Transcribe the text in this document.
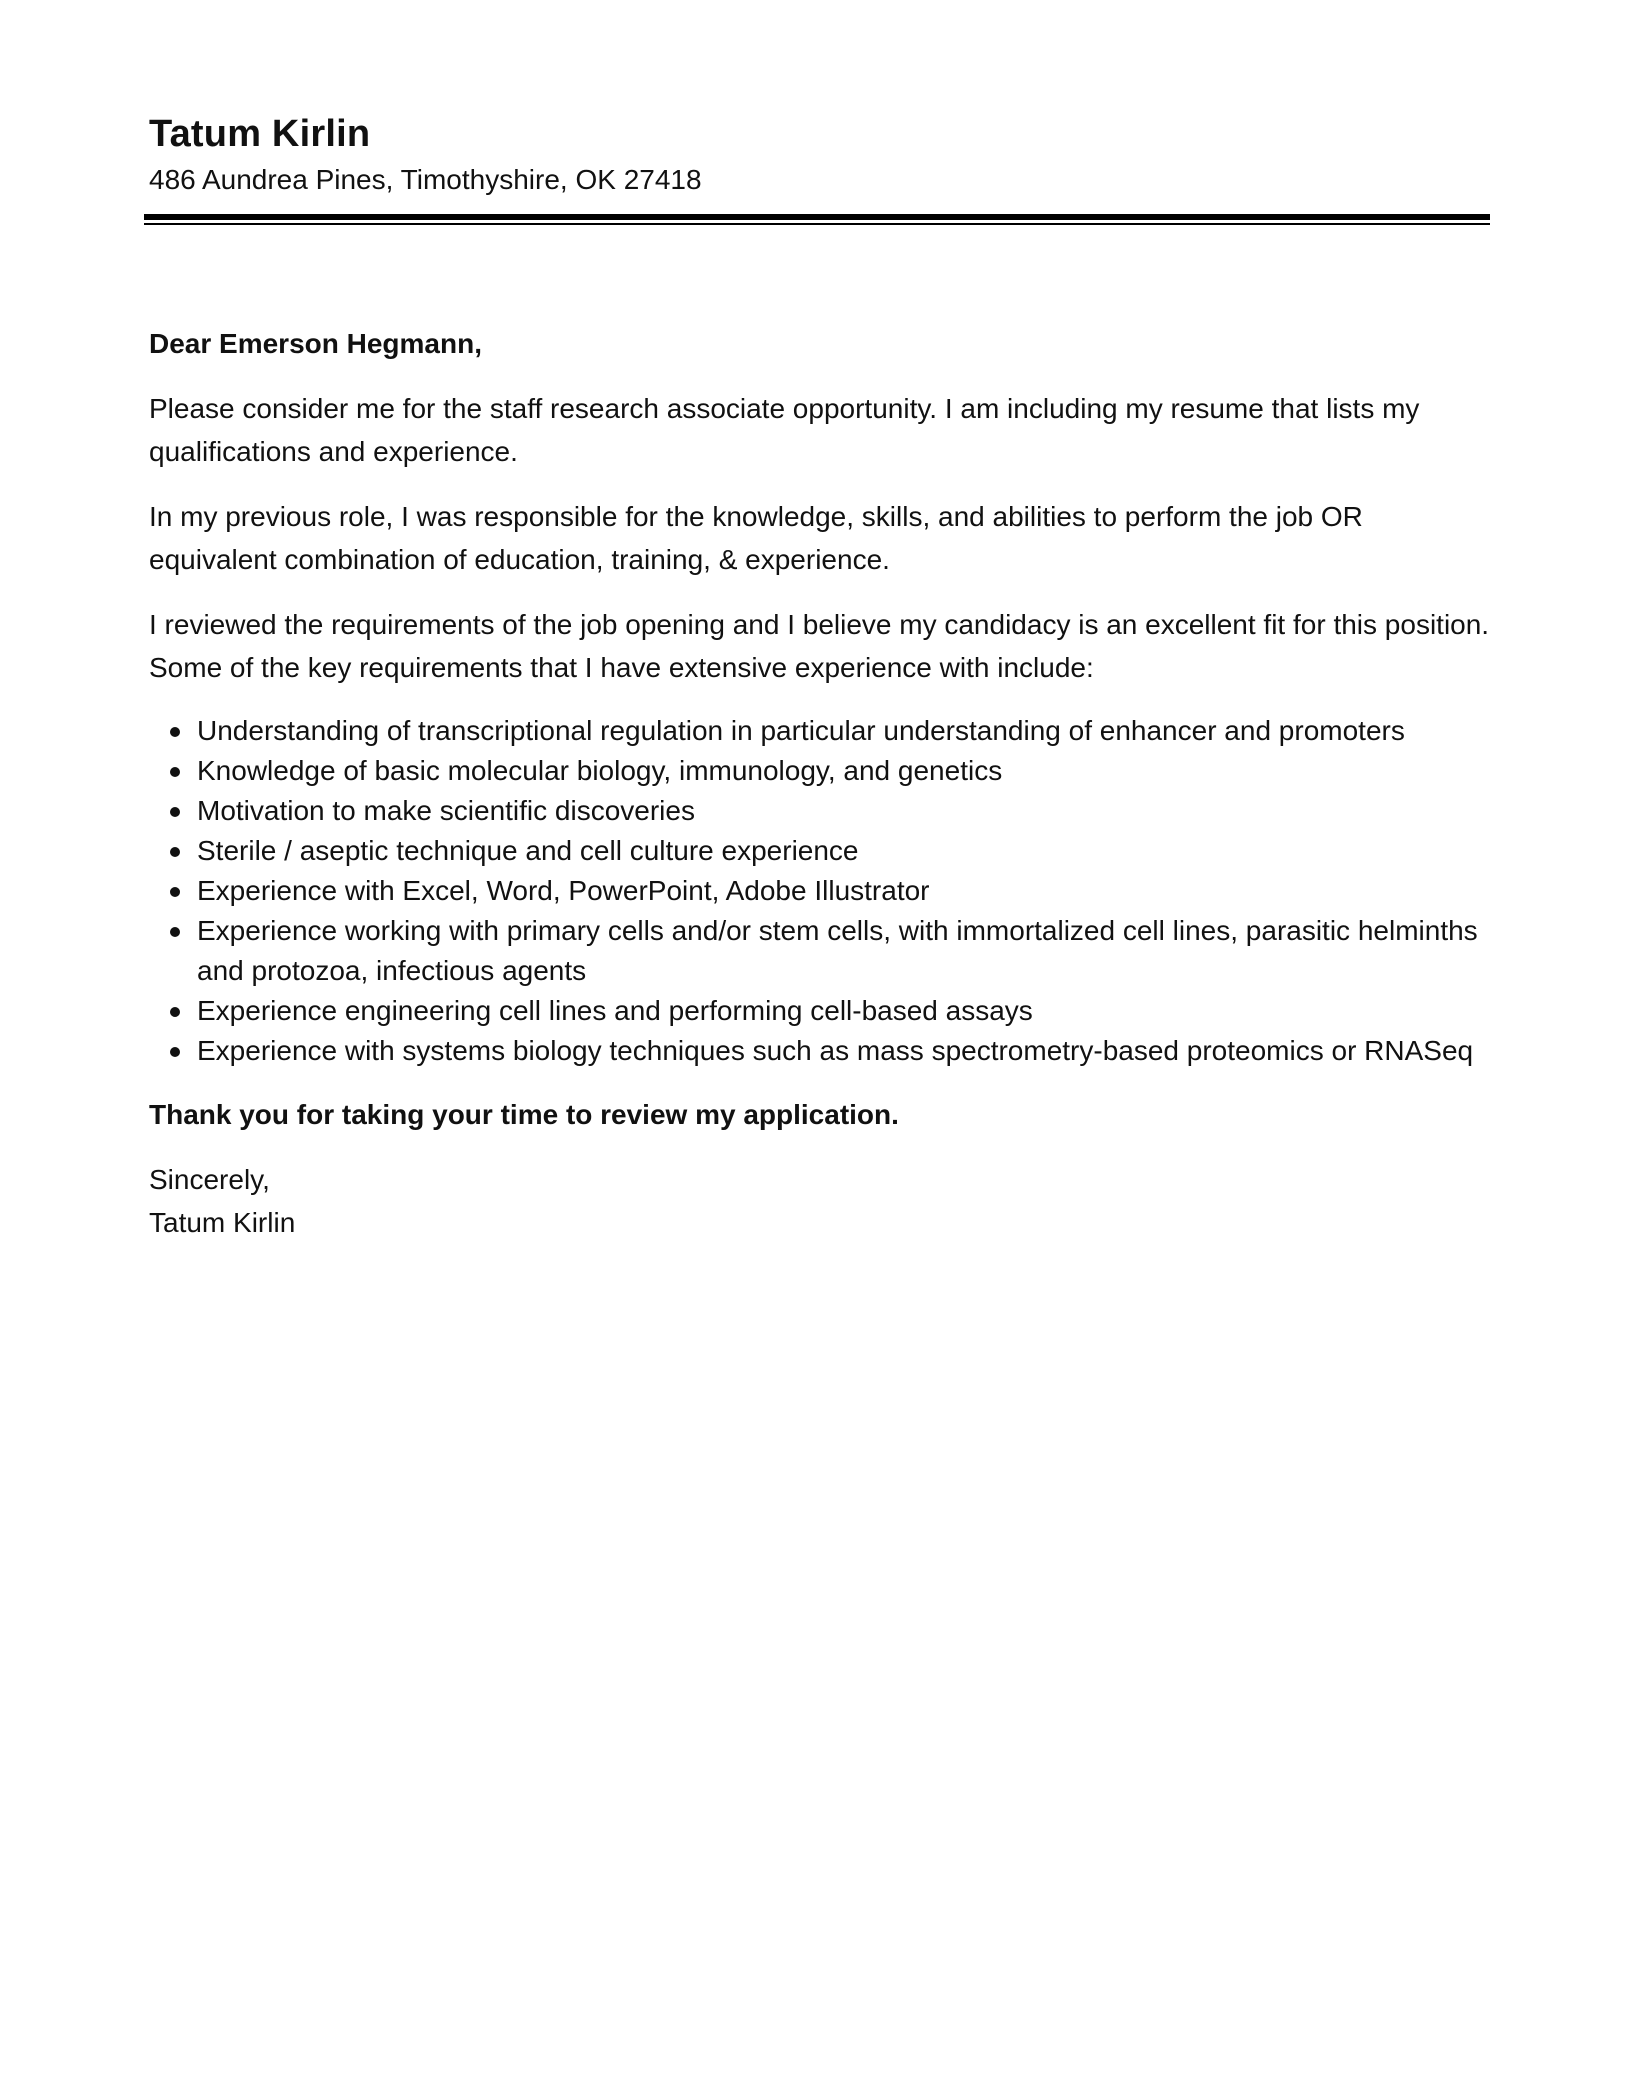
Tatum Kirlin

486 Aundrea Pines, Timothyshire, OK 27418

Dear Emerson Hegmann,

Please consider me for the staff research associate opportunity. I am including my resume that lists my qualifications and experience.

In my previous role, I was responsible for the knowledge, skills, and abilities to perform the job OR equivalent combination of education, training, & experience.

I reviewed the requirements of the job opening and I believe my candidacy is an excellent fit for this position. Some of the key requirements that I have extensive experience with include:

Understanding of transcriptional regulation in particular understanding of enhancer and promoters
Knowledge of basic molecular biology, immunology, and genetics
Motivation to make scientific discoveries
Sterile / aseptic technique and cell culture experience
Experience with Excel, Word, PowerPoint, Adobe Illustrator
Experience working with primary cells and/or stem cells, with immortalized cell lines, parasitic helminths and protozoa, infectious agents
Experience engineering cell lines and performing cell-based assays
Experience with systems biology techniques such as mass spectrometry-based proteomics or RNASeq

Thank you for taking your time to review my application.

Sincerely,

Tatum Kirlin
